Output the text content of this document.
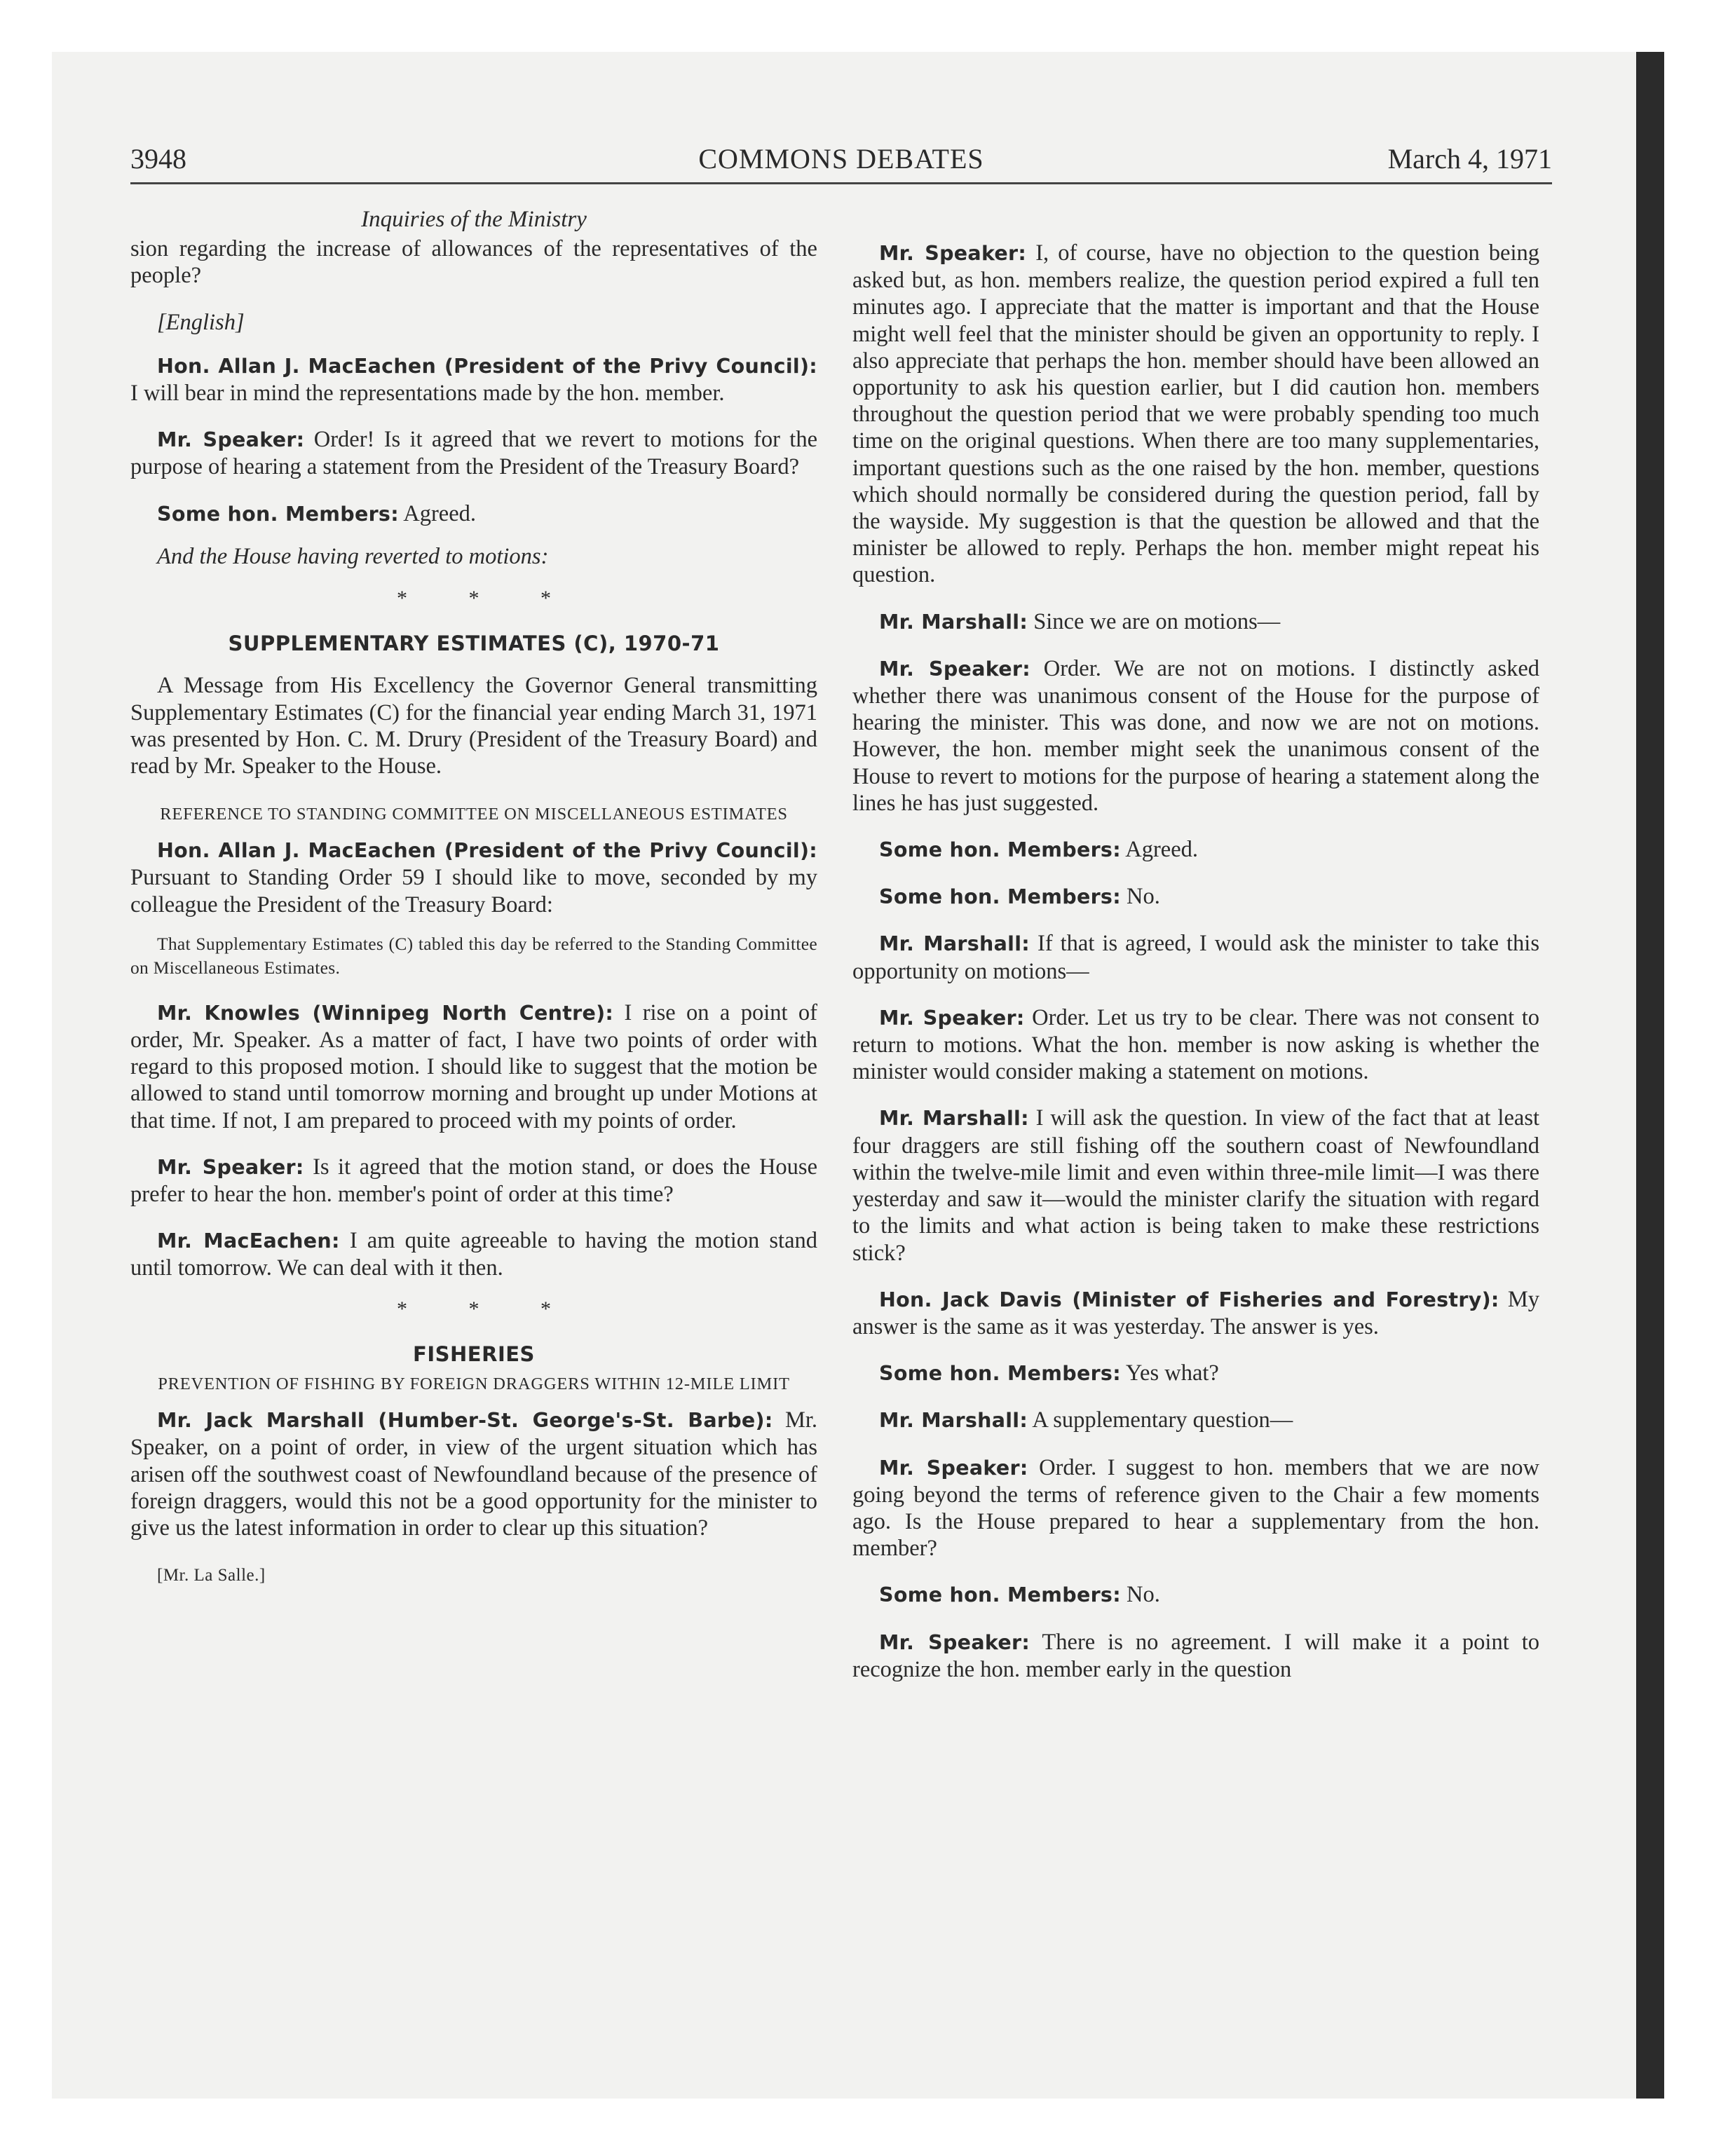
3948	COMMONS DEBATES	March 4, 1971
Inquiries of the Ministry

sion regarding the increase of allowances of the representatives of the people?

[English]

Hon. Allan J. MacEachen (President of the Privy Council): I will bear in mind the representations made by the hon. member.

Mr. Speaker: Order! Is it agreed that we revert to motions for the purpose of hearing a statement from the President of the Treasury Board?

Some hon. Members: Agreed.

And the House having reverted to motions:
* * *
SUPPLEMENTARY ESTIMATES (C), 1970-71

A Message from His Excellency the Governor General transmitting Supplementary Estimates (C) for the financial year ending March 31, 1971 was presented by Hon. C. M. Drury (President of the Treasury Board) and read by Mr. Speaker to the House.

REFERENCE TO STANDING COMMITTEE ON MISCELLANEOUS ESTIMATES

Hon. Allan J. MacEachen (President of the Privy Council): Pursuant to Standing Order 59 I should like to move, seconded by my colleague the President of the Treasury Board:

That Supplementary Estimates (C) tabled this day be referred to the Standing Committee on Miscellaneous Estimates.

Mr. Knowles (Winnipeg North Centre): I rise on a point of order, Mr. Speaker. As a matter of fact, I have two points of order with regard to this proposed motion. I should like to suggest that the motion be allowed to stand until tomorrow morning and brought up under Motions at that time. If not, I am prepared to proceed with my points of order.

Mr. Speaker: Is it agreed that the motion stand, or does the House prefer to hear the hon. member's point of order at this time?

Mr. MacEachen: I am quite agreeable to having the motion stand until tomorrow. We can deal with it then.

* * *
FISHERIES
PREVENTION OF FISHING BY FOREIGN DRAGGERS WITHIN 12-MILE LIMIT

Mr. Jack Marshall (Humber-St. George's-St. Barbe): Mr. Speaker, on a point of order, in view of the urgent situation which has arisen off the southwest coast of Newfoundland because of the presence of foreign draggers, would this not be a good opportunity for the minister to give us the latest information in order to clear up this situation?

[Mr. La Salle.]

Mr. Speaker: I, of course, have no objection to the question being asked but, as hon. members realize, the question period expired a full ten minutes ago. I appreciate that the matter is important and that the House might well feel that the minister should be given an opportunity to reply. I also appreciate that perhaps the hon. member should have been allowed an opportunity to ask his question earlier, but I did caution hon. members throughout the question period that we were probably spending too much time on the original questions. When there are too many supplementaries, important questions such as the one raised by the hon. member, questions which should normally be considered during the question period, fall by the wayside. My suggestion is that the question be allowed and that the minister be allowed to reply. Perhaps the hon. member might repeat his question.

Mr. Marshall: Since we are on motions—

Mr. Speaker: Order. We are not on motions. I distinctly asked whether there was unanimous consent of the House for the purpose of hearing the minister. This was done, and now we are not on motions. However, the hon. member might seek the unanimous consent of the House to revert to motions for the purpose of hearing a statement along the lines he has just suggested.

Some hon. Members: Agreed.

Some hon. Members: No.

Mr. Marshall: If that is agreed, I would ask the minister to take this opportunity on motions—

Mr. Speaker: Order. Let us try to be clear. There was not consent to return to motions. What the hon. member is now asking is whether the minister would consider making a statement on motions.

Mr. Marshall: I will ask the question. In view of the fact that at least four draggers are still fishing off the southern coast of Newfoundland within the twelve-mile limit and even within three-mile limit—I was there yesterday and saw it—would the minister clarify the situation with regard to the limits and what action is being taken to make these restrictions stick?

Hon. Jack Davis (Minister of Fisheries and Forestry): My answer is the same as it was yesterday. The answer is yes.

Some hon. Members: Yes what?

Mr. Marshall: A supplementary question—

Mr. Speaker: Order. I suggest to hon. members that we are now going beyond the terms of reference given to the Chair a few moments ago. Is the House prepared to hear a supplementary from the hon. member?

Some hon. Members: No.

Mr. Speaker: There is no agreement. I will make it a point to recognize the hon. member early in the question
